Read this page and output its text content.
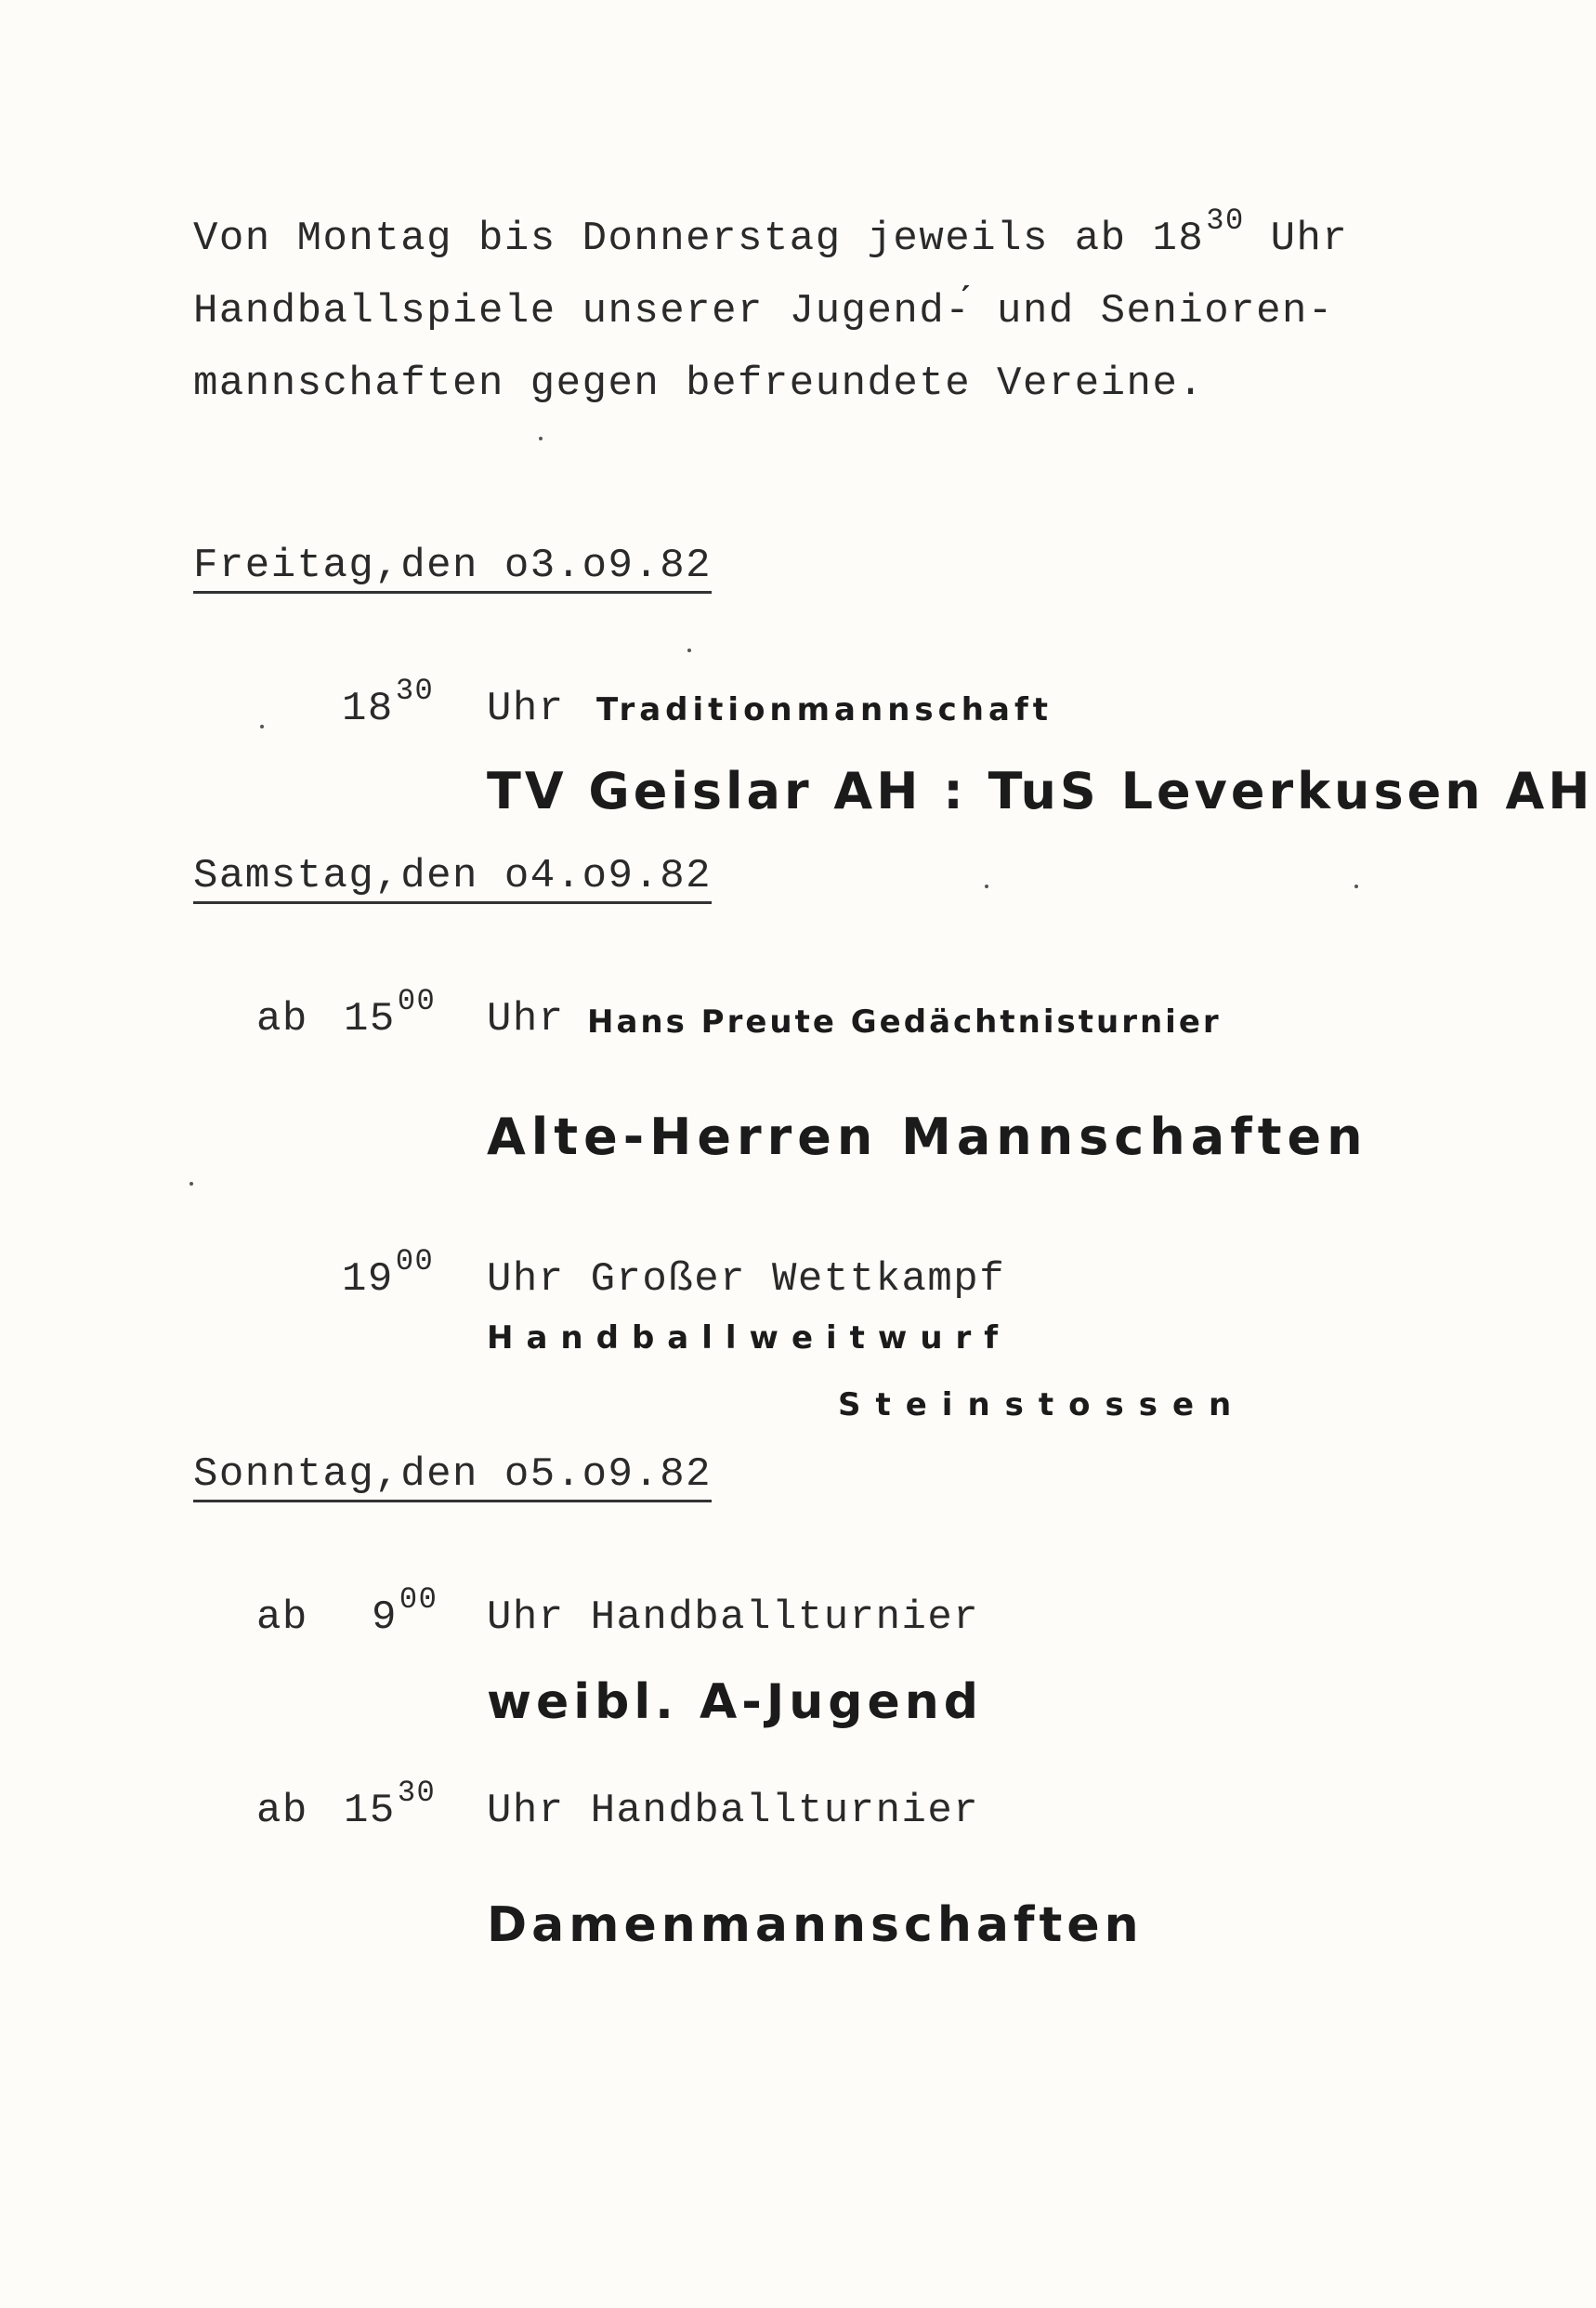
Von Montag bis Donnerstag jeweils ab $18^{30}$ Uhr
Handballspiele unserer Jugend-́ und Senioren-
mannschaften gegen befreundete Vereine.
Freitag,den o3.o9.82
$18^{30}$ Uhr Traditionmannschaft
TV Geislar AH : TuS Leverkusen AH
Samstag,den o4.o9.82
ab $15^{00}$ Uhr Hans Preute Gedächtnisturnier
Alte-Herren Mannschaften
$19^{00}$ Uhr Großer Wettkampf
Handballweitwurf
Steinstossen
Sonntag,den o5.o9.82
ab $9^{00}$ Uhr Handballturnier
weibl. A-Jugend
ab $15^{30}$ Uhr Handballturnier
Damenmannschaften
